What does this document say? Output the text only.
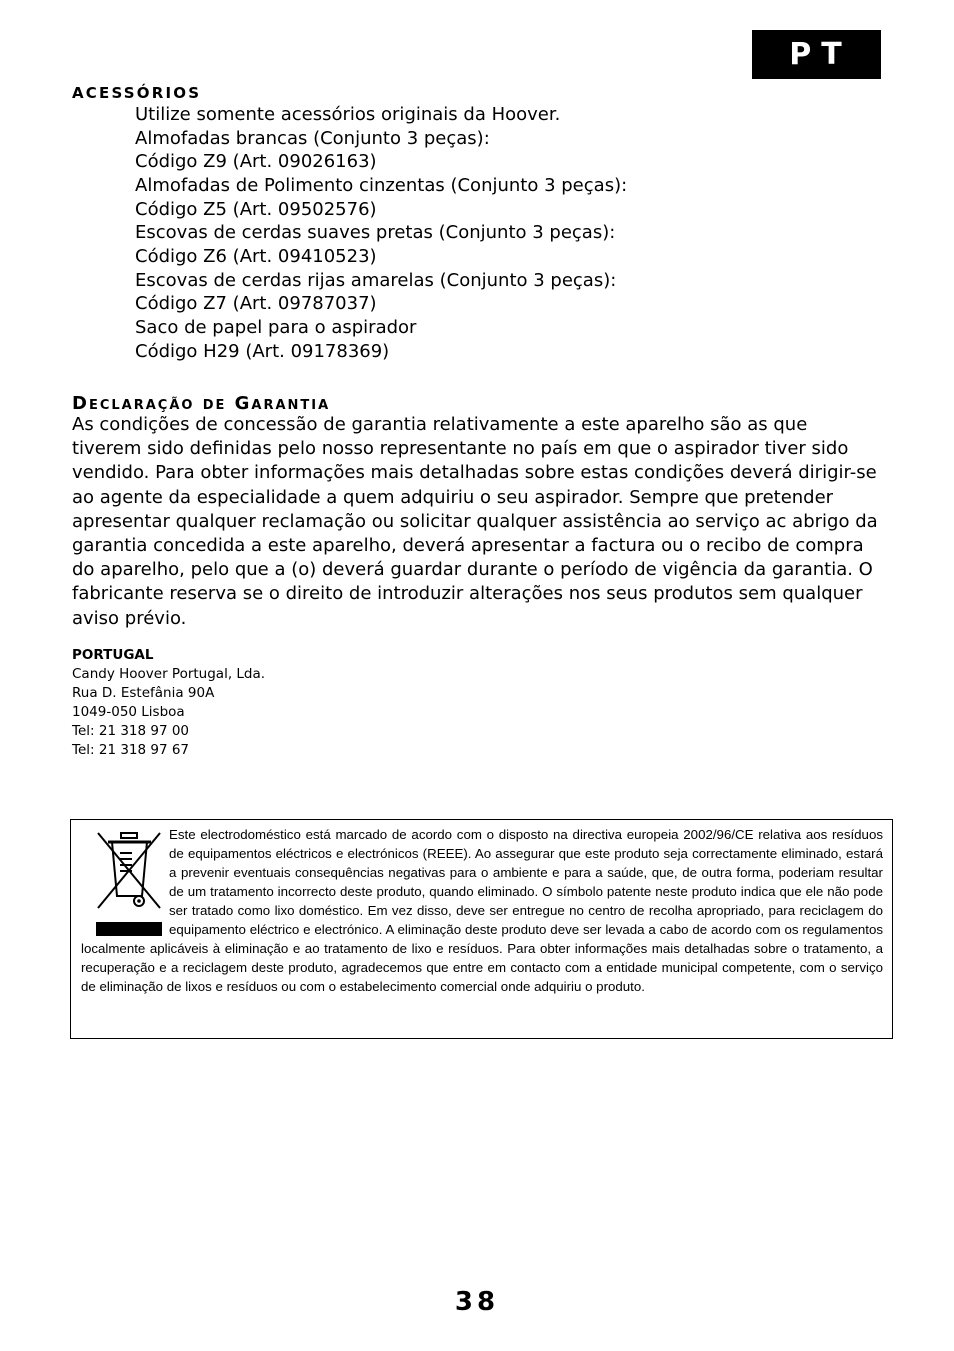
PT
ACESSÓRIOS
Utilize somente acessórios originais da Hoover.
Almofadas brancas (Conjunto 3 peças):
Código Z9 (Art. 09026163)
Almofadas de Polimento cinzentas (Conjunto 3 peças):
Código Z5 (Art. 09502576)
Escovas de cerdas suaves pretas (Conjunto 3 peças):
Código Z6 (Art. 09410523)
Escovas de cerdas rijas amarelas (Conjunto 3 peças):
Código Z7 (Art. 09787037)
Saco de papel para o aspirador
Código H29 (Art. 09178369)
Declaração de Garantia

As condições de concessão de garantia relativamente a este aparelho são as que tiverem sido definidas pelo nosso representante no país em que o aspirador tiver sido vendido. Para obter informações mais detalhadas sobre estas condições deverá dirigir-se ao agente da especialidade a quem adquiriu o seu aspirador. Sempre que pretender apresentar qualquer reclamação ou solicitar qualquer assistência ao serviço ac abrigo da garantia concedida a este aparelho, deverá apresentar a factura ou o recibo de compra do aparelho, pelo que a (o) deverá guardar durante o período de vigência da garantia. O fabricante reserva se o direito de introduzir alterações nos seus produtos sem qualquer aviso prévio.

PORTUGAL
Candy Hoover Portugal, Lda.
Rua D. Estefânia 90A
1049-050 Lisboa
Tel: 21 318 97 00
Tel: 21 318 97 67

Este electrodoméstico está marcado de acordo com o disposto na directiva europeia 2002/96/CE relativa aos resíduos de equipamentos eléctricos e electrónicos (REEE). Ao assegurar que este produto seja correctamente eliminado, estará a prevenir eventuais consequências negativas para o ambiente e para a saúde, que, de outra forma, poderiam resultar de um tratamento incorrecto deste produto, quando eliminado. O símbolo patente neste produto indica que ele não pode ser tratado como lixo doméstico. Em vez disso, deve ser entregue no centro de recolha apropriado, para reciclagem do equipamento eléctrico e electrónico. A eliminação deste produto deve ser levada a cabo de acordo com os regulamentos localmente aplicáveis à eliminação e ao tratamento de lixo e resíduos. Para obter informações mais detalhadas sobre o tratamento, a recuperação e a reciclagem deste produto, agradecemos que entre em contacto com a entidade municipal competente, com o serviço de eliminação de lixos e resíduos ou com o estabelecimento comercial onde adquiriu o produto.

38
